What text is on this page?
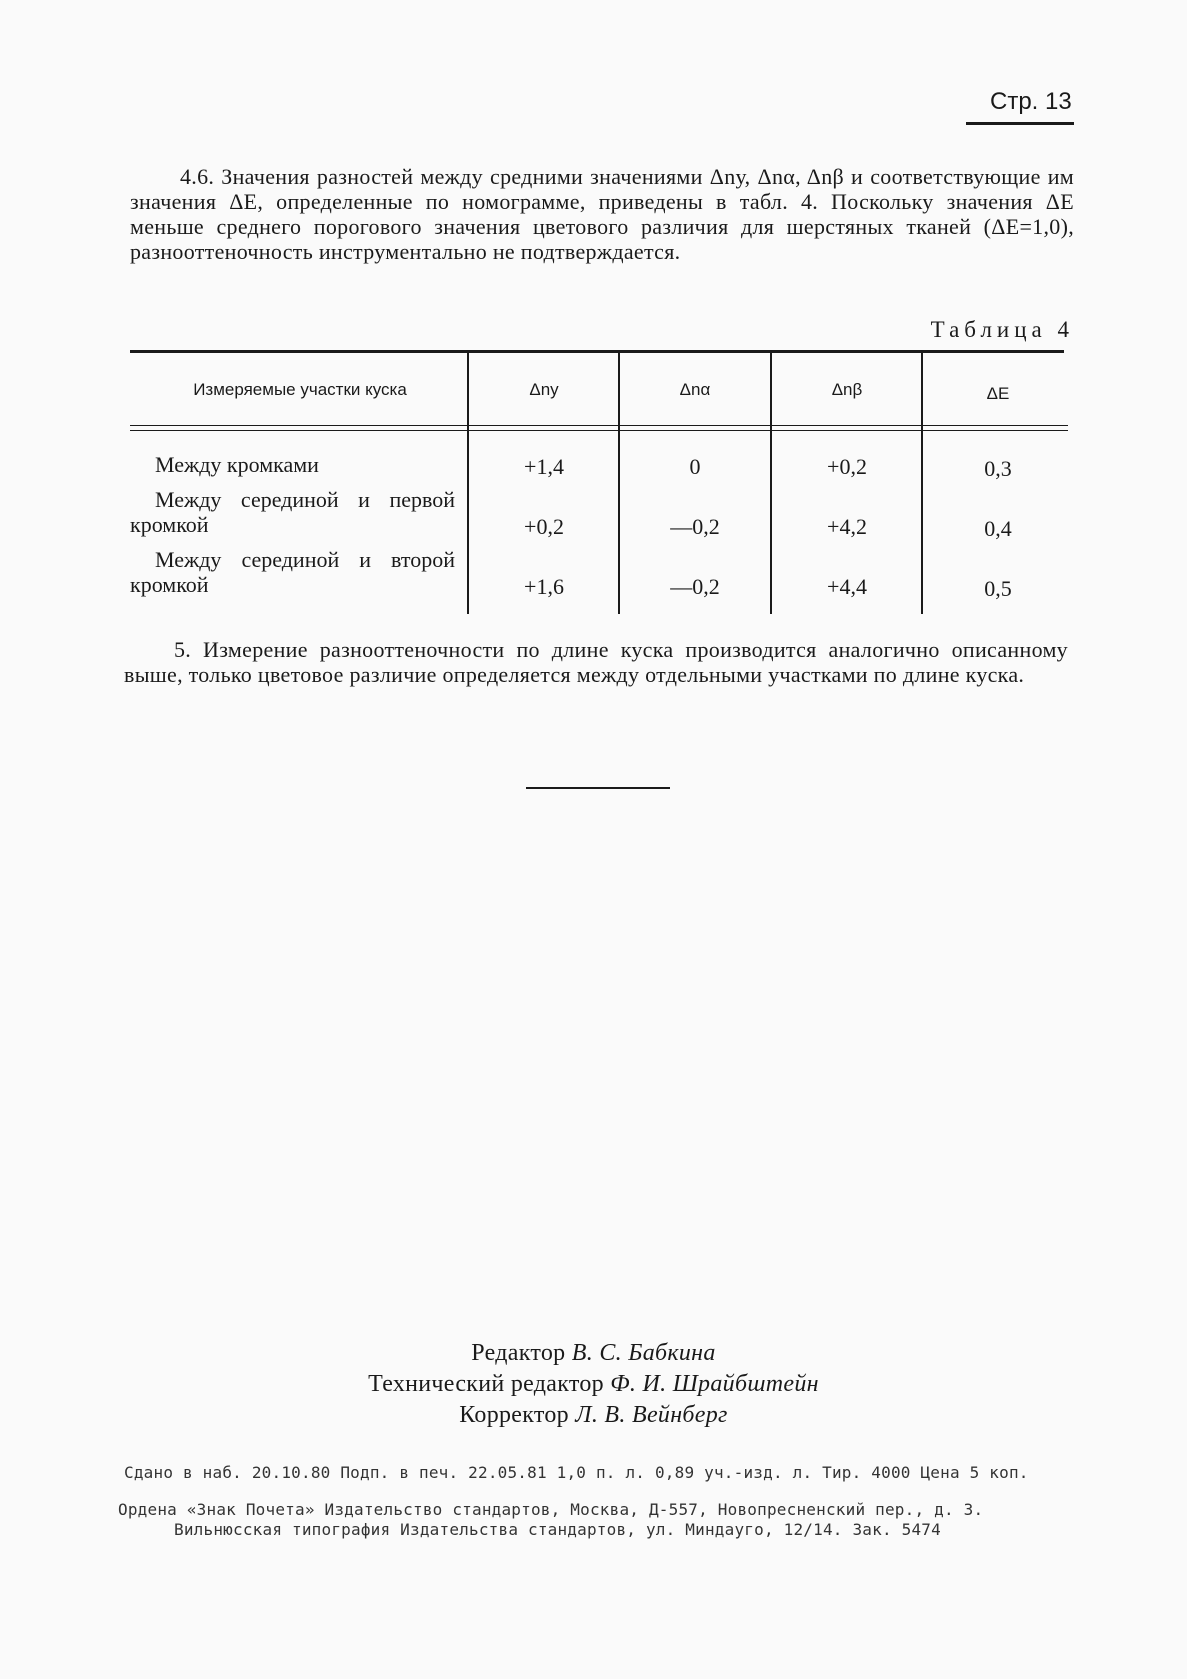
Стр. 13
4.6. Значения разностей между средними значениями Δnу, Δnα, Δnβ и соответствующие им значения ΔE, определенные по номограмме, приведены в табл. 4. Поскольку значения ΔE меньше среднего порогового значения цветового различия для шерстяных тканей (ΔE=1,0), разнооттеночность инструментально не подтверждается.
Таблица 4
Измеряемые участки куска	Δnу	Δnα	Δnβ	ΔE
Между кромками	+1,4	0	+0,2	0,3
Между серединой и первой кромкой	+0,2	—0,2	+4,2	0,4
Между серединой и второй кромкой	+1,6	—0,2	+4,4	0,5
5. Измерение разнооттеночности по длине куска производится аналогично описанному выше, только цветовое различие определяется между отдельными участками по длине куска.
Редактор В. С. Бабкина
Технический редактор Ф. И. Шрайбштейн
Корректор Л. В. Вейнберг
Сдано в наб. 20.10.80 Подп. в печ. 22.05.81 1,0 п. л. 0,89 уч.-изд. л. Тир. 4000 Цена 5 коп.
Ордена «Знак Почета» Издательство стандартов, Москва, Д-557, Новопресненский пер., д. 3.
Вильнюсская типография Издательства стандартов, ул. Миндауго, 12/14. Зак. 5474
